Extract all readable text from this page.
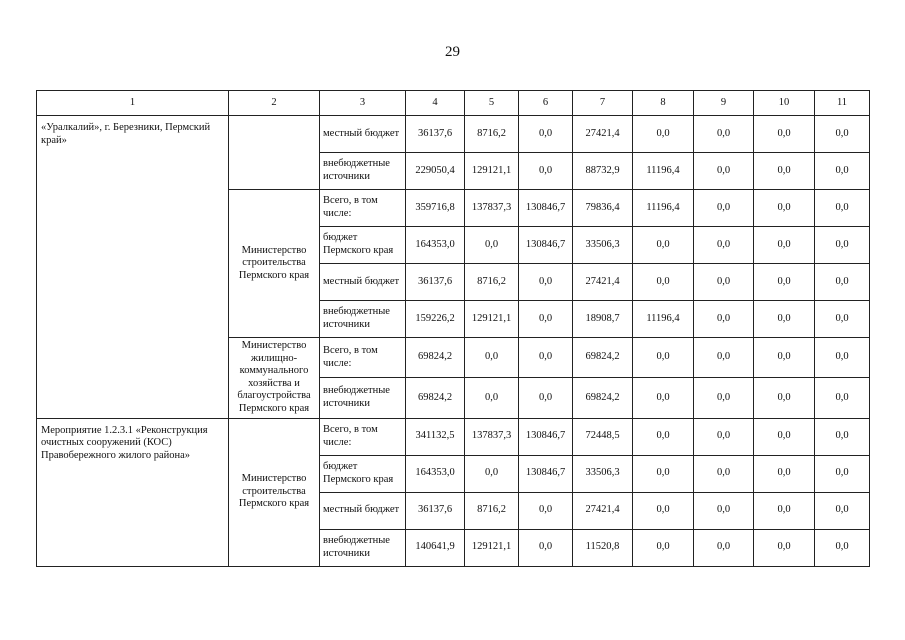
29
1	2	3	4	5	6	7	8	9	10	11
«Уралкалий», г. Березники, Пермский край»		местный бюджет	36137,6	8716,2	0,0	27421,4	0,0	0,0	0,0	0,0
		внебюджетные источники	229050,4	129121,1	0,0	88732,9	11196,4	0,0	0,0	0,0
	Министерство строительства Пермского края	Всего, в том числе:	359716,8	137837,3	130846,7	79836,4	11196,4	0,0	0,0	0,0
		бюджет Пермского края	164353,0	0,0	130846,7	33506,3	0,0	0,0	0,0	0,0
		местный бюджет	36137,6	8716,2	0,0	27421,4	0,0	0,0	0,0	0,0
		внебюджетные источники	159226,2	129121,1	0,0	18908,7	11196,4	0,0	0,0	0,0
	Министерство жилищно-коммунального хозяйства и благоустройства Пермского края	Всего, в том числе:	69824,2	0,0	0,0	69824,2	0,0	0,0	0,0	0,0
		внебюджетные источники	69824,2	0,0	0,0	69824,2	0,0	0,0	0,0	0,0
Мероприятие 1.2.3.1 «Реконструкция очистных сооружений (КОС) Правобережного жилого района»	Министерство строительства Пермского края	Всего, в том числе:	341132,5	137837,3	130846,7	72448,5	0,0	0,0	0,0	0,0
		бюджет Пермского края	164353,0	0,0	130846,7	33506,3	0,0	0,0	0,0	0,0
		местный бюджет	36137,6	8716,2	0,0	27421,4	0,0	0,0	0,0	0,0
		внебюджетные источники	140641,9	129121,1	0,0	11520,8	0,0	0,0	0,0	0,0
